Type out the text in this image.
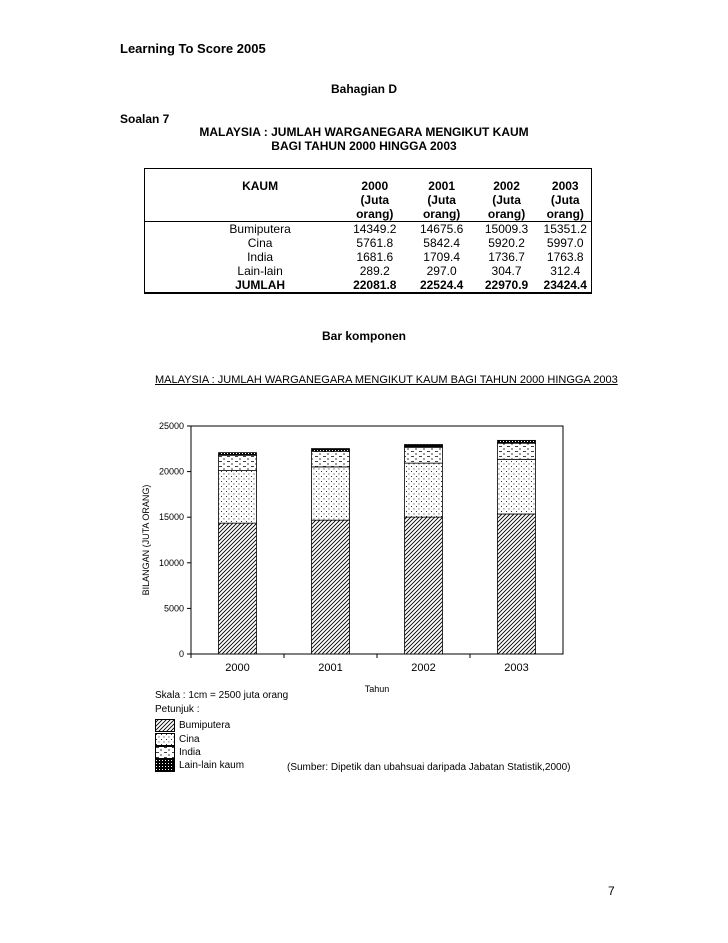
Learning To Score 2005
Bahagian D
Soalan 7
MALAYSIA : JUMLAH WARGANEGARA MENGIKUT KAUM
BAGI TAHUN 2000 HINGGA 2003
	KAUM		2000	2001	2002	2003
			(Juta	(Juta	(Juta	(Juta
			orang)	orang)	orang)	orang)
	Bumiputera		14349.2	14675.6	15009.3	15351.2
	Cina		5761.8	5842.4	5920.2	5997.0
	India		1681.6	1709.4	1736.7	1763.8
	Lain-lain		289.2	297.0	304.7	312.4
	JUMLAH		22081.8	22524.4	22970.9	23424.4
Bar komponen
MALAYSIA : JUMLAH WARGANEGARA MENGIKUT KAUM BAGI TAHUN 2000 HINGGA 2003
0
5000
10000
15000
20000
25000
2000	2001	2002	2003
BILANGAN (JUTA ORANG)
Tahun
Skala : 1cm = 2500 juta orang
Petunjuk :
Bumiputera
Cina
India
Lain-lain kaum	(Sumber: Dipetik dan ubahsuai daripada Jabatan Statistik,2000)
7
